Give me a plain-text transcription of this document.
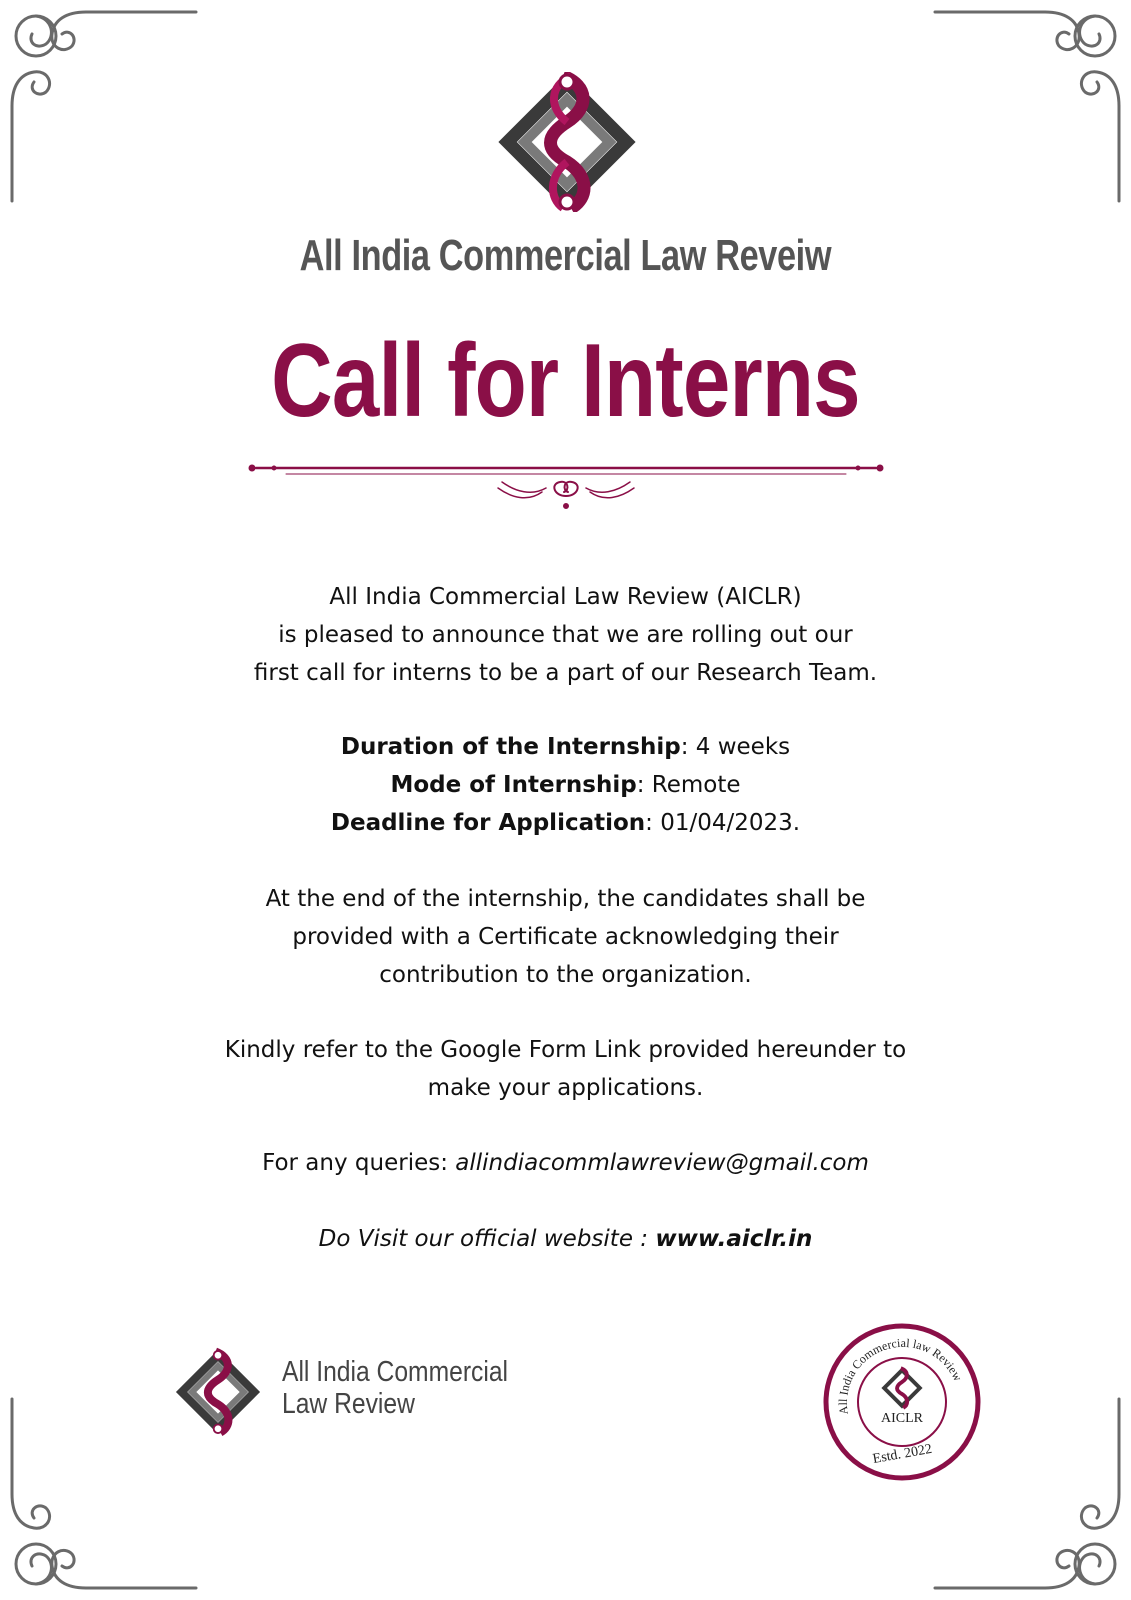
All India Commercial Law Reveiw
Call for Interns

All India Commercial Law Review (AICLR)

is pleased to announce that we are rolling out our

first call for interns to be a part of our Research Team.

Duration of the Internship: 4 weeks

Mode of Internship: Remote

Deadline for Application: 01/04/2023.

At the end of the internship, the candidates shall be

provided with a Certificate acknowledging their

contribution to the organization.

Kindly refer to the Google Form Link provided hereunder to

make your applications.

For any queries: allindiacommlawreview@gmail.com

Do Visit our official website : www.aiclr.in

All India Commercial
Law Review	All India Commercial law Review
AICLR
Estd. 2022
